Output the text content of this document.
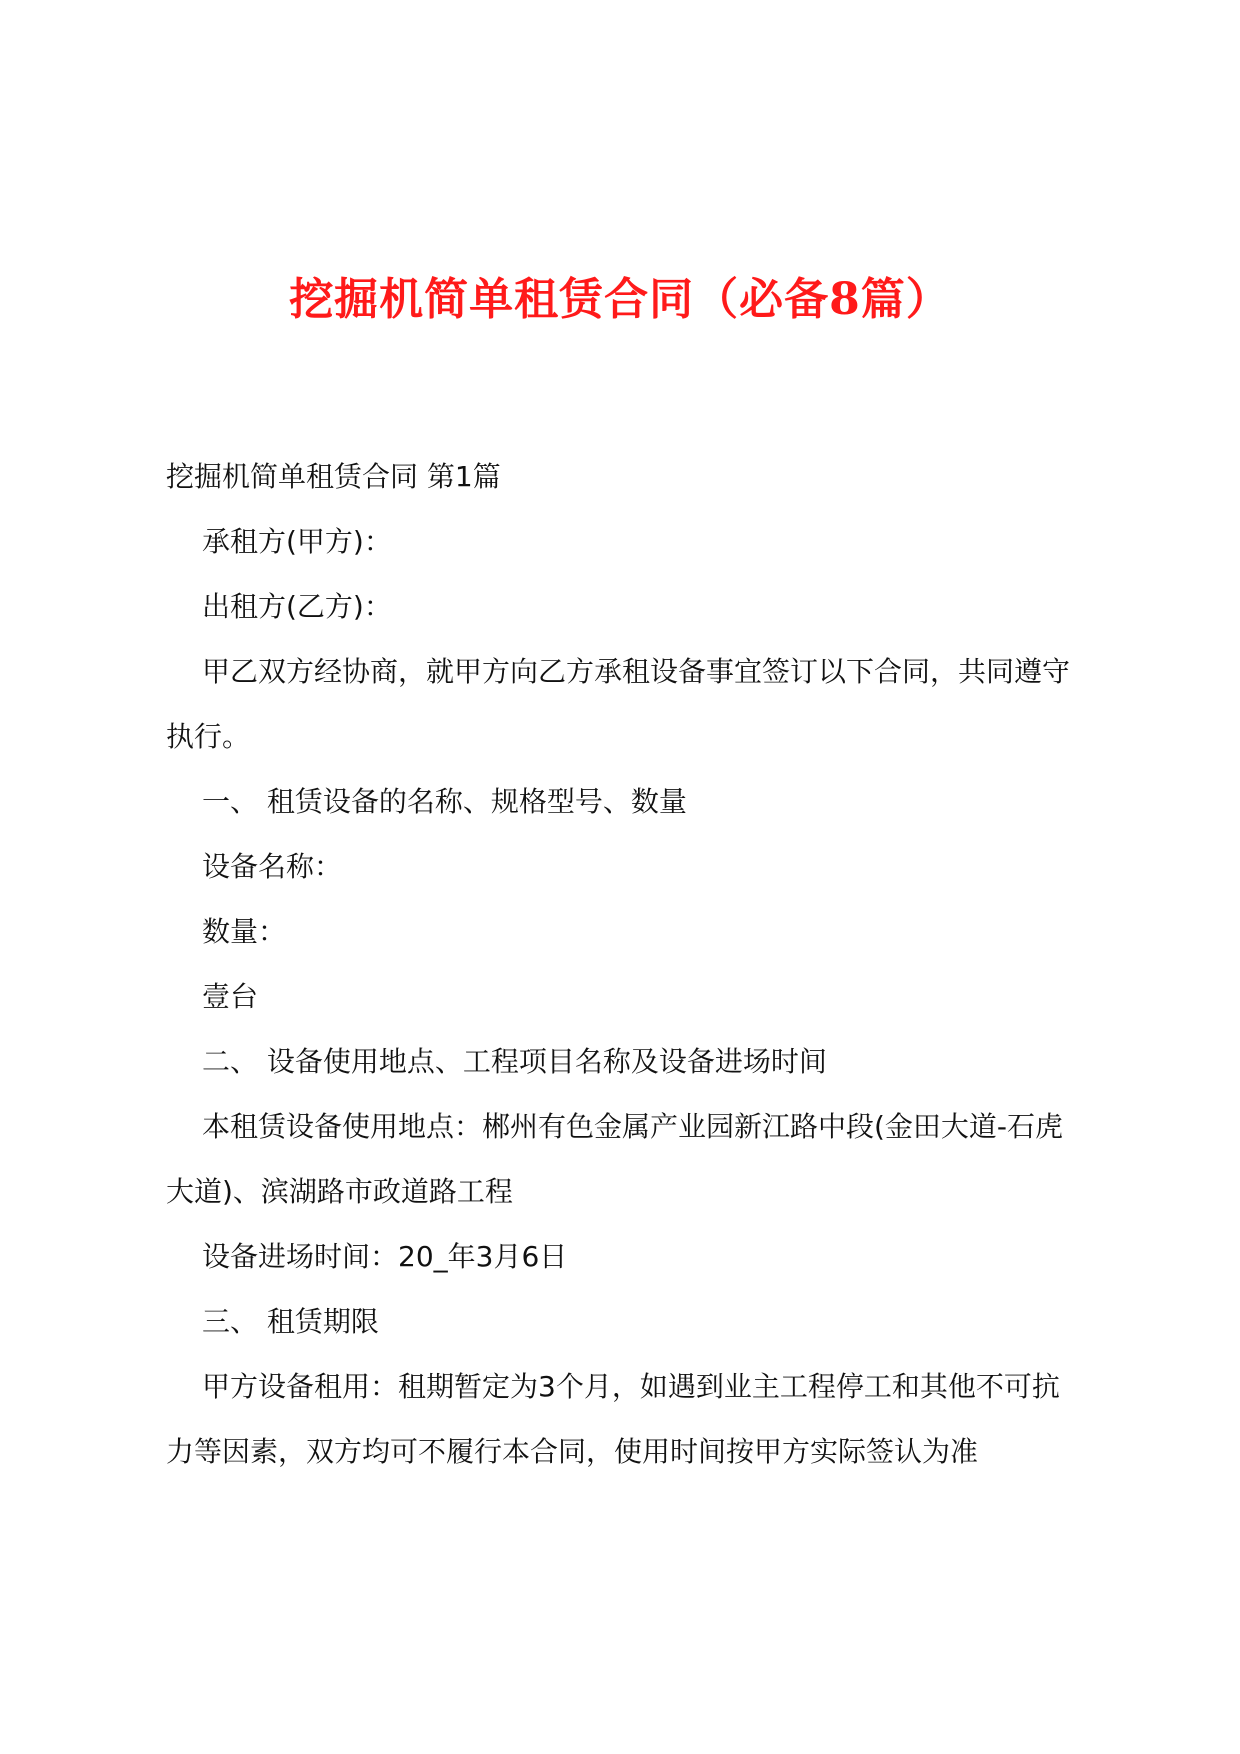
挖掘机简单租赁合同（必备8篇）

挖掘机简单租赁合同 第1篇

承租方(甲方)：

出租方(乙方)：

甲乙双方经协商，就甲方向乙方承租设备事宜签订以下合同，共同遵守执行。

一、 租赁设备的名称、规格型号、数量

设备名称：

数量：

壹台

二、 设备使用地点、工程项目名称及设备进场时间

本租赁设备使用地点：郴州有色金属产业园新江路中段(金田大道-石虎大道)、滨湖路市政道路工程

设备进场时间：20_年3月6日

三、 租赁期限

甲方设备租用：租期暂定为3个月，如遇到业主工程停工和其他不可抗力等因素，双方均可不履行本合同，使用时间按甲方实际签认为准
